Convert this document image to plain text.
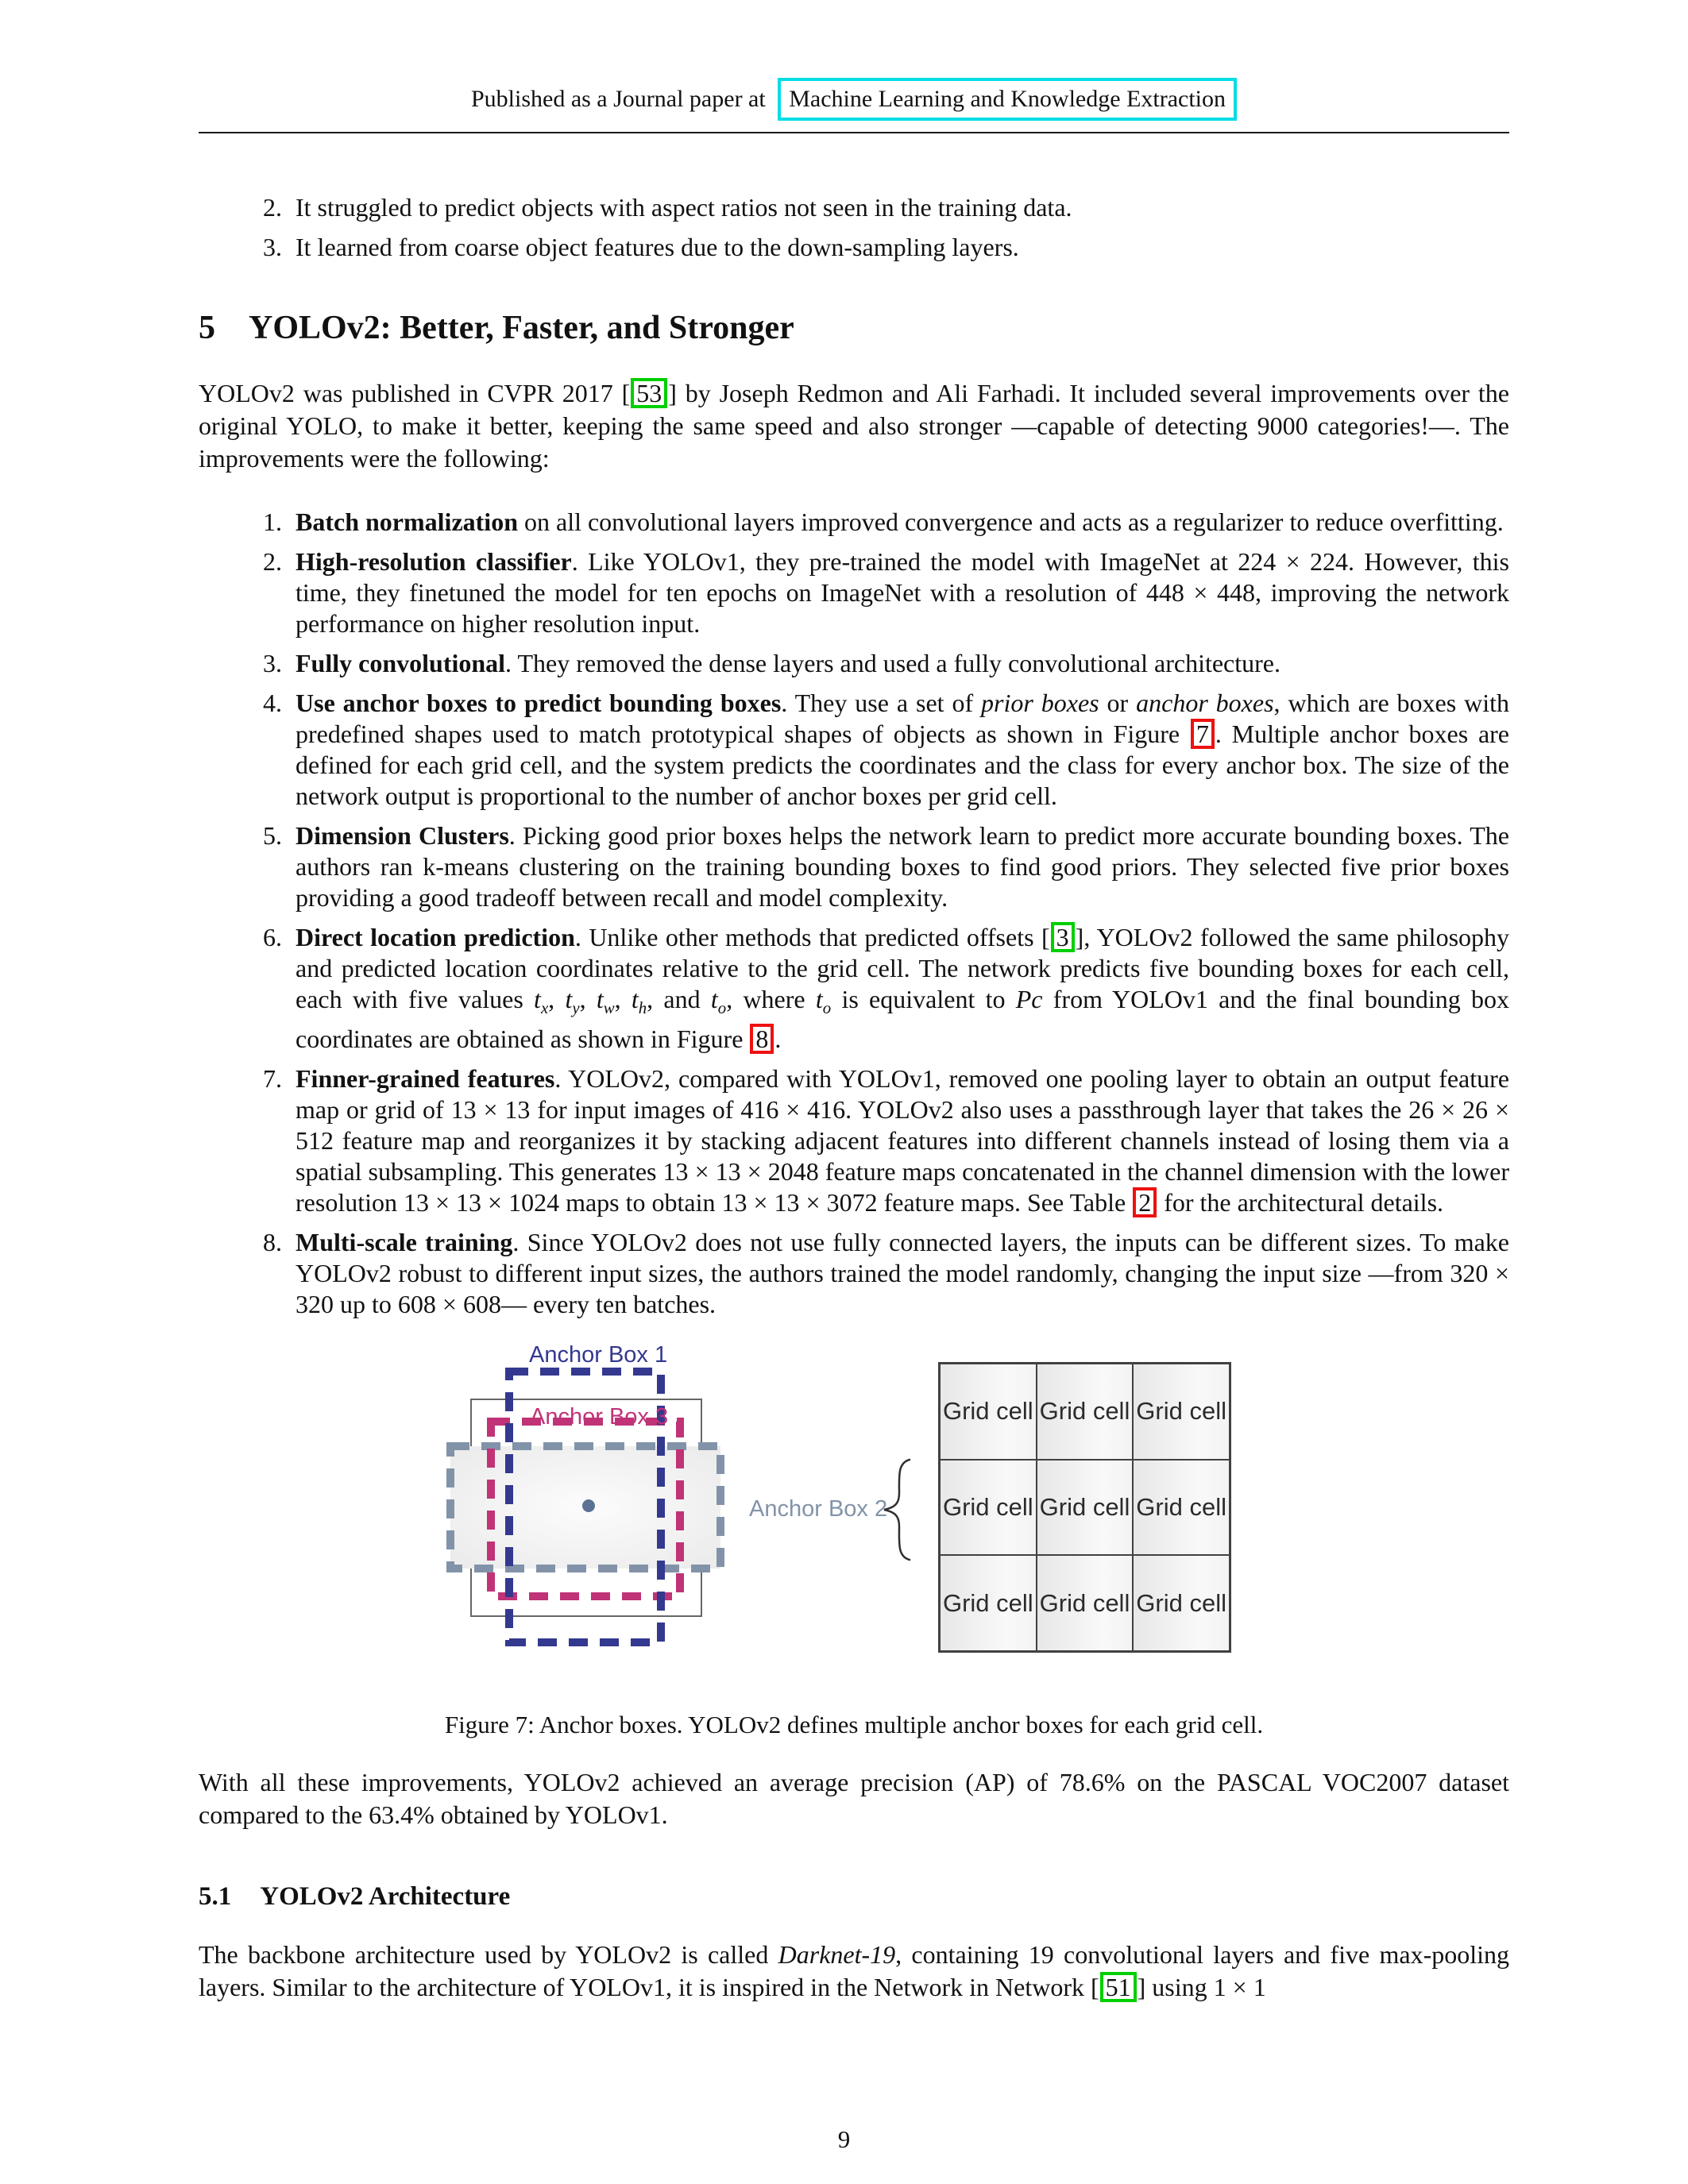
Published as a Journal paper at Machine Learning and Knowledge Extraction
2. It struggled to predict objects with aspect ratios not seen in the training data.
3. It learned from coarse object features due to the down-sampling layers.
5 YOLOv2: Better, Faster, and Stronger

YOLOv2 was published in CVPR 2017 [ 53 ] by Joseph Redmon and Ali Farhadi. It included several improvements over the original YOLO, to make it better, keeping the same speed and also stronger —capable of detecting 9000 categories!—. The improvements were the following:

1. Batch normalization on all convolutional layers improved convergence and acts as a regularizer to reduce overfitting.
2. High-resolution classifier. Like YOLOv1, they pre-trained the model with ImageNet at 224 × 224. However, this time, they finetuned the model for ten epochs on ImageNet with a resolution of 448 × 448, improving the network performance on higher resolution input.
3. Fully convolutional. They removed the dense layers and used a fully convolutional architecture.
4. Use anchor boxes to predict bounding boxes. They use a set of prior boxes or anchor boxes, which are boxes with predefined shapes used to match prototypical shapes of objects as shown in Figure 7 . Multiple anchor boxes are defined for each grid cell, and the system predicts the coordinates and the class for every anchor box. The size of the network output is proportional to the number of anchor boxes per grid cell.
5. Dimension Clusters. Picking good prior boxes helps the network learn to predict more accurate bounding boxes. The authors ran k-means clustering on the training bounding boxes to find good priors. They selected five prior boxes providing a good tradeoff between recall and model complexity.
6. Direct location prediction. Unlike other methods that predicted offsets [ 3 ], YOLOv2 followed the same philosophy and predicted location coordinates relative to the grid cell. The network predicts five bounding boxes for each cell, each with five values $t_x$, $t_y$, $t_w$, $t_h$, and $t_o$, where $t_o$ is equivalent to Pc from YOLOv1 and the final bounding box coordinates are obtained as shown in Figure 8 .
7. Finner-grained features. YOLOv2, compared with YOLOv1, removed one pooling layer to obtain an output feature map or grid of 13 × 13 for input images of 416 × 416. YOLOv2 also uses a passthrough layer that takes the 26 × 26 × 512 feature map and reorganizes it by stacking adjacent features into different channels instead of losing them via a spatial subsampling. This generates 13 × 13 × 2048 feature maps concatenated in the channel dimension with the lower resolution 13 × 13 × 1024 maps to obtain 13 × 13 × 3072 feature maps. See Table 2 for the architectural details.
8. Multi-scale training. Since YOLOv2 does not use fully connected layers, the inputs can be different sizes. To make YOLOv2 robust to different input sizes, the authors trained the model randomly, changing the input size —from 320 × 320 up to 608 × 608— every ten batches.
Anchor Box 1
Anchor Box 3
Anchor Box 2
Grid cell Grid cell Grid cell
Grid cell Grid cell Grid cell
Grid cell Grid cell Grid cell

Figure 7: Anchor boxes. YOLOv2 defines multiple anchor boxes for each grid cell.

With all these improvements, YOLOv2 achieved an average precision (AP) of 78.6% on the PASCAL VOC2007 dataset compared to the 63.4% obtained by YOLOv1.

5.1 YOLOv2 Architecture

The backbone architecture used by YOLOv2 is called Darknet-19, containing 19 convolutional layers and five max-pooling layers. Similar to the architecture of YOLOv1, it is inspired in the Network in Network [ 51 ] using 1 × 1

9
